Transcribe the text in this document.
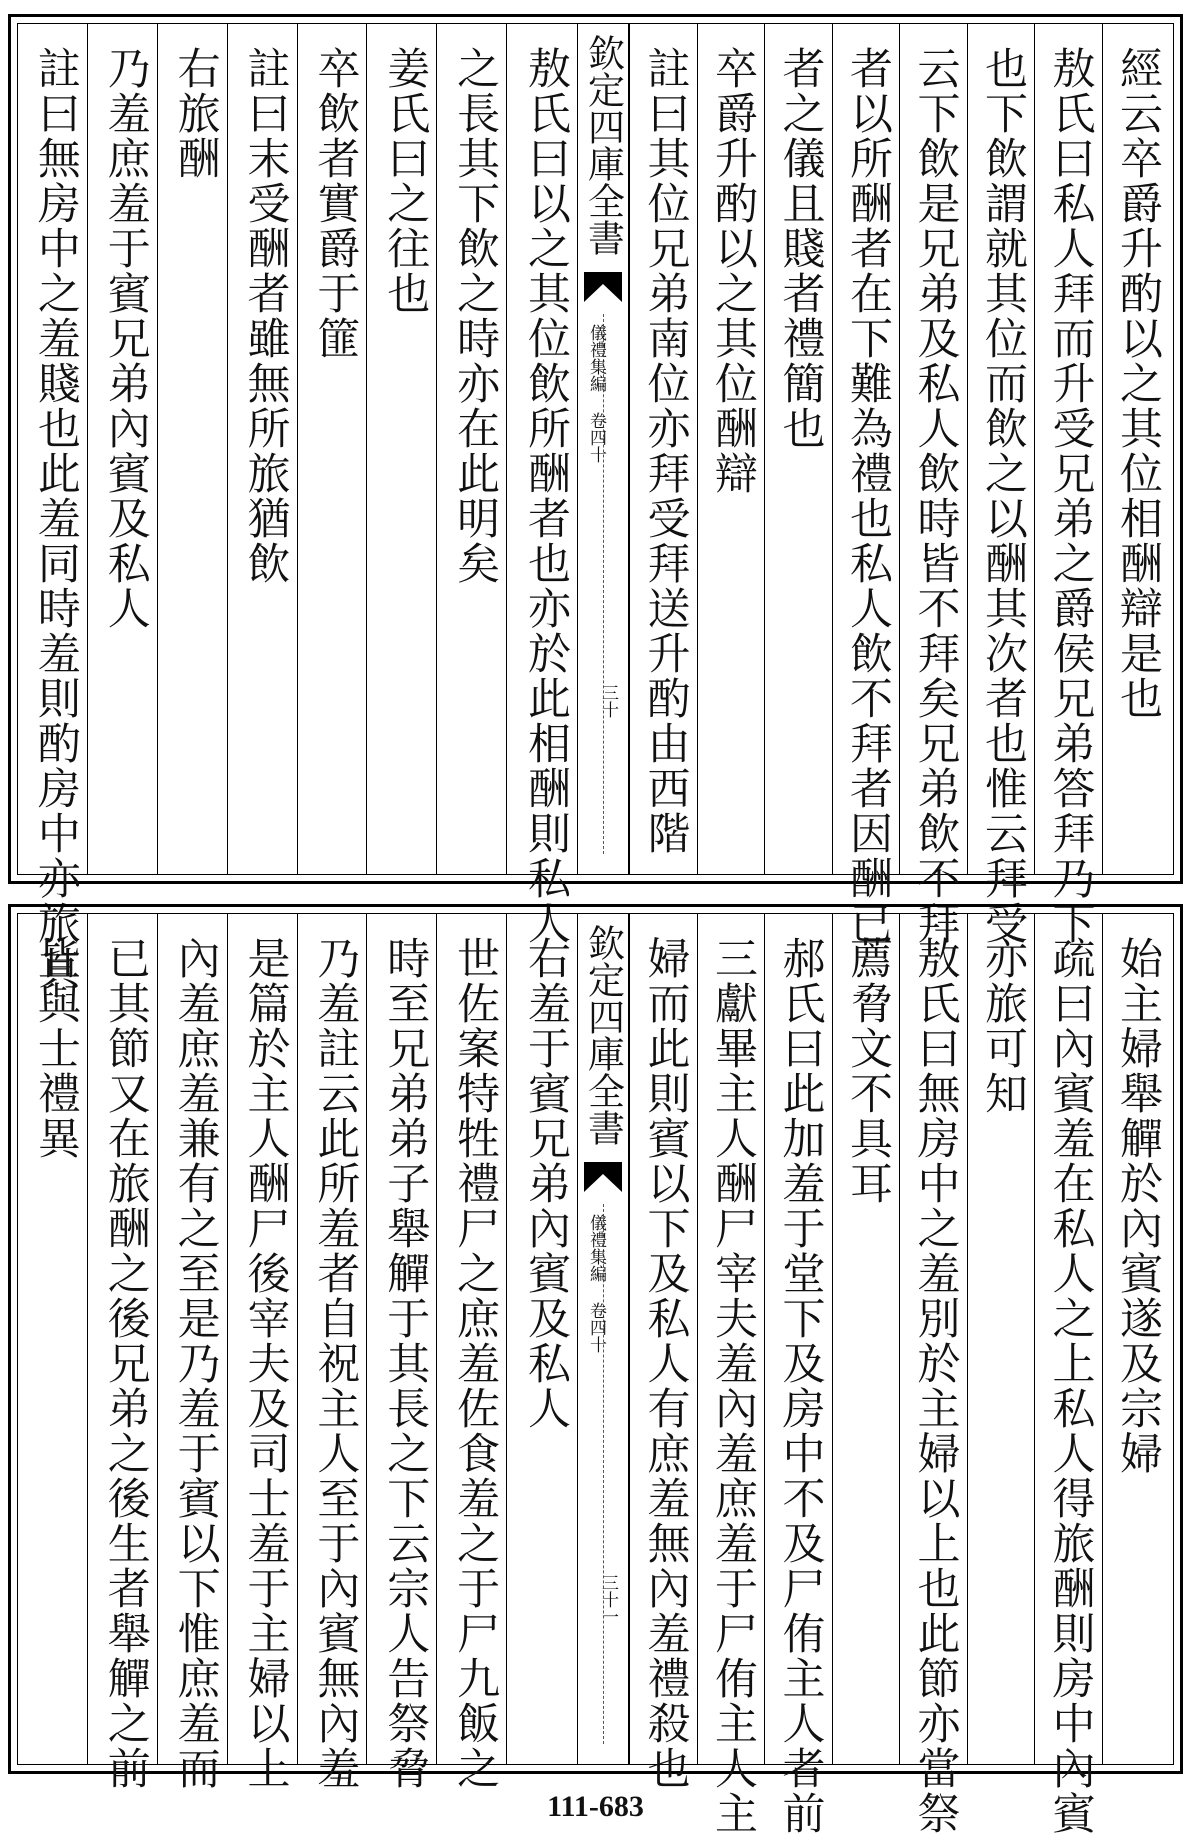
經云卒爵升酌以之其位相酬辯是也
敖氏曰私人拜而升受兄弟之爵侯兄弟答拜乃下
也下飲謂就其位而飲之以酬其次者也惟云拜受
云下飲是兄弟及私人飲時皆不拜矣兄弟飲不拜
者以所酬者在下難為禮也私人飲不拜者因酬已
者之儀且賤者禮簡也
卒爵升酌以之其位酬辯
註曰其位兄弟南位亦拜受拜送升酌由西階
欽定四庫全書
儀禮集編 卷四十
三十
敖氏曰以之其位飲所酬者也亦於此相酬則私人
之長其下飲之時亦在此明矣
姜氏曰之往也
卒飲者實爵于篚
註曰末受酬者雖無所旅猶飲
右旅酬
乃羞庶羞于賓兄弟內賓及私人
註曰無房中之羞賤也此羞同時羞則酌房中亦旅其
始主婦舉觶於內賓遂及宗婦
疏曰內賓羞在私人之上私人得旅酬則房中內賓
亦旅可知
敖氏曰無房中之羞別於主婦以上也此節亦當祭
薦脅文不具耳
郝氏曰此加羞于堂下及房中不及尸侑主人者前
三獻畢主人酬尸宰夫羞內羞庶羞于尸侑主人主
婦而此則賓以下及私人有庶羞無內羞禮殺也
欽定四庫全書
儀禮集編 卷四十
三十一
右羞于賓兄弟內賓及私人
世佐案特牲禮尸之庶羞佐食羞之于尸九飯之
時至兄弟弟子舉觶于其長之下云宗人告祭脅
乃羞註云此所羞者自祝主人至于內賓無內羞
是篇於主人酬尸後宰夫及司士羞于主婦以上
內羞庶羞兼有之至是乃羞于賓以下惟庶羞而
已其節又在旅酬之後兄弟之後生者舉觶之前
皆與士禮異
111-683
